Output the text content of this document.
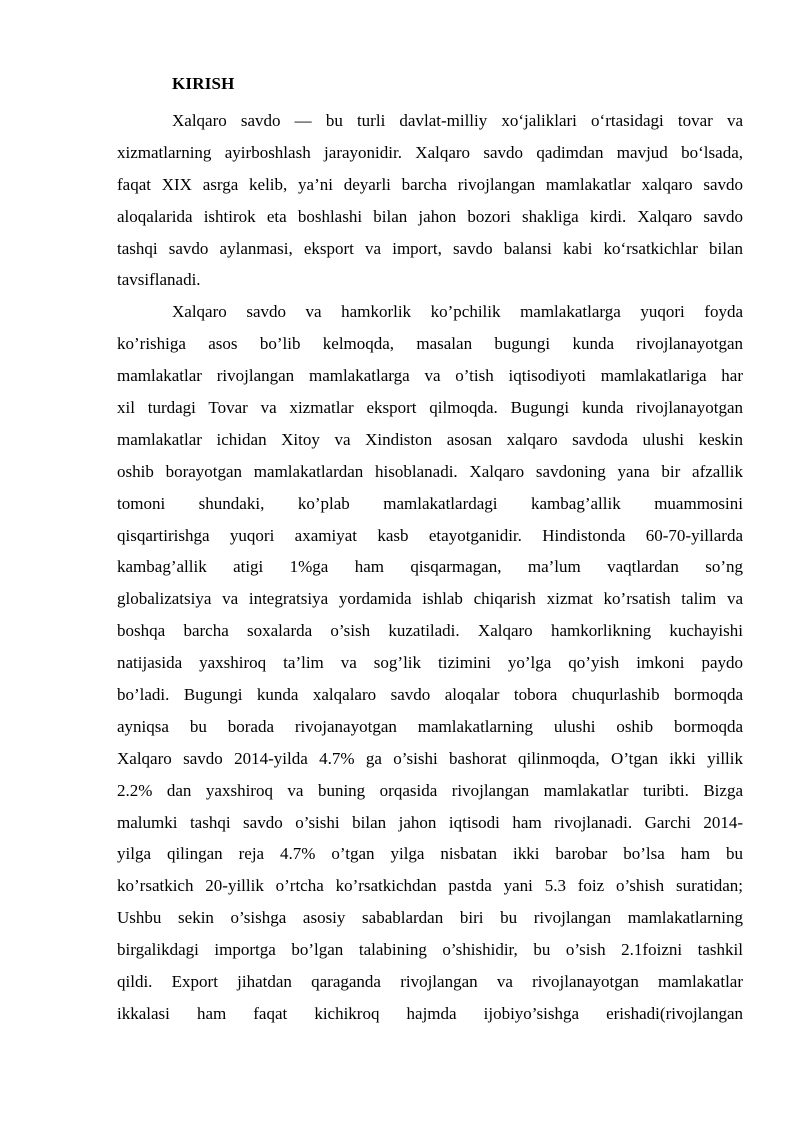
KIRISH
Xalqaro savdo — bu turli davlat-milliy xo‘jaliklari o‘rtasidagi tovar va
xizmatlarning ayirboshlash jarayonidir. Xalqaro savdo qadimdan mavjud bo‘lsada,
faqat XIX asrga kelib, ya’ni deyarli barcha rivojlangan mamlakatlar xalqaro savdo
aloqalarida ishtirok eta boshlashi bilan jahon bozori shakliga kirdi. Xalqaro savdo
tashqi savdo aylanmasi, eksport va import, savdo balansi kabi ko‘rsatkichlar bilan
tavsiflanadi.
Xalqaro savdo va hamkorlik ko’pchilik mamlakatlarga yuqori foyda
ko’rishiga asos bo’lib kelmoqda, masalan bugungi kunda rivojlanayotgan
mamlakatlar rivojlangan mamlakatlarga va o’tish iqtisodiyoti mamlakatlariga har
xil turdagi Tovar va xizmatlar eksport qilmoqda. Bugungi kunda rivojlanayotgan
mamlakatlar ichidan Xitoy va Xindiston asosan xalqaro savdoda ulushi keskin
oshib borayotgan mamlakatlardan hisoblanadi. Xalqaro savdoning yana bir afzallik
tomoni shundaki, ko’plab mamlakatlardagi kambag’allik muammosini
qisqartirishga yuqori axamiyat kasb etayotganidir. Hindistonda 60-70-yillarda
kambag’allik atigi 1%ga ham qisqarmagan, ma’lum vaqtlardan so’ng
globalizatsiya va integratsiya yordamida ishlab chiqarish xizmat ko’rsatish talim va
boshqa barcha soxalarda o’sish kuzatiladi. Xalqaro hamkorlikning kuchayishi
natijasida yaxshiroq ta’lim va sog’lik tizimini yo’lga qo’yish imkoni paydo
bo’ladi. Bugungi kunda xalqalaro savdo aloqalar tobora chuqurlashib bormoqda
ayniqsa bu borada rivojanayotgan mamlakatlarning ulushi oshib bormoqda
Xalqaro savdo 2014-yilda 4.7% ga o’sishi bashorat qilinmoqda, O’tgan ikki yillik
2.2% dan yaxshiroq va buning orqasida rivojlangan mamlakatlar turibti. Bizga
malumki tashqi savdo o’sishi bilan jahon iqtisodi ham rivojlanadi. Garchi 2014-
yilga qilingan reja 4.7% o’tgan yilga nisbatan ikki barobar bo’lsa ham bu
ko’rsatkich 20-yillik o’rtcha ko’rsatkichdan pastda yani 5.3 foiz o’shish suratidan;
Ushbu sekin o’sishga asosiy sabablardan biri bu rivojlangan mamlakatlarning
birgalikdagi importga bo’lgan talabining o’shishidir, bu o’sish 2.1foizni tashkil
qildi. Export jihatdan qaraganda rivojlangan va rivojlanayotgan mamlakatlar
ikkalasi ham faqat kichikroq hajmda ijobiyo’sishga erishadi(rivojlangan
